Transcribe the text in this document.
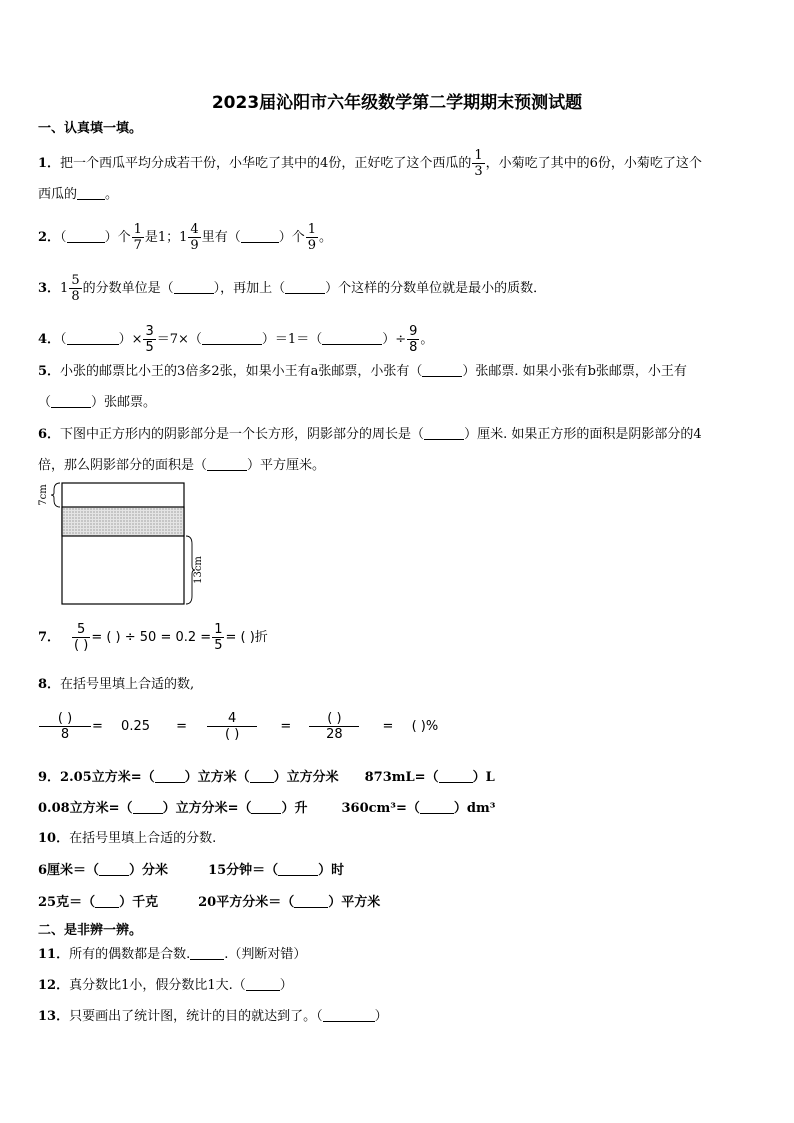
2023届沁阳市六年级数学第二学期期末预测试题
一、认真填一填。
1．把一个西瓜平均分成若干份，小华吃了其中的4份，正好吃了这个西瓜的 $\frac{1}{3}$ ，小菊吃了其中的6份，小菊吃了这个
西瓜的 。
2．（	）个 $\frac{1}{7}$ 是1；$1 \frac{4}{9}$ 里有（	）个 $\frac{1}{9}$ 。
3．$1 \frac{5}{8}$ 的分数单位是（	），再加上（	）个这样的分数单位就是最小的质数．
4．（	）× $\frac{3}{5} =7\times$（	）＝1＝（	）÷ $\frac{9}{8}$ 。
5．小张的邮票比小王的3倍多2张，如果小王有a张邮票，小张有（	）张邮票. 如果小张有b张邮票，小王有
（	）张邮票。
6．下图中正方形内的阴影部分是一个长方形，阴影部分的周长是（	）厘米. 如果正方形的面积是阴影部分的4
倍，那么阴影部分的面积是（	）平方厘米。
7cm
13cm
7． $\frac{5}{( )}$ = ( ) ÷ $50 = 0.2 = \frac{1}{5}$ = ( )折
8．在括号里填上合适的数,
$\frac{( )}{8} = 0.25 = \frac{4}{( )} = \frac{( )}{28}$ = ( )%
9．2.05立方米=（ ）立方米（ ）立方分米 873mL=（	）L
0.08立方米=（ ）立方分米=（ ）升	360cm³=（	）dm³
10．在括号里填上合适的分数.
6厘米＝（ ）分米	15分钟＝（	）时
25克＝（ ）千克	20平方分米＝（	）平方米
二、是非辨一辨。
11．所有的偶数都是合数.	.（判断对错）
12．真分数比1小，假分数比1大.（	）
13．只要画出了统计图，统计的目的就达到了。（	）
